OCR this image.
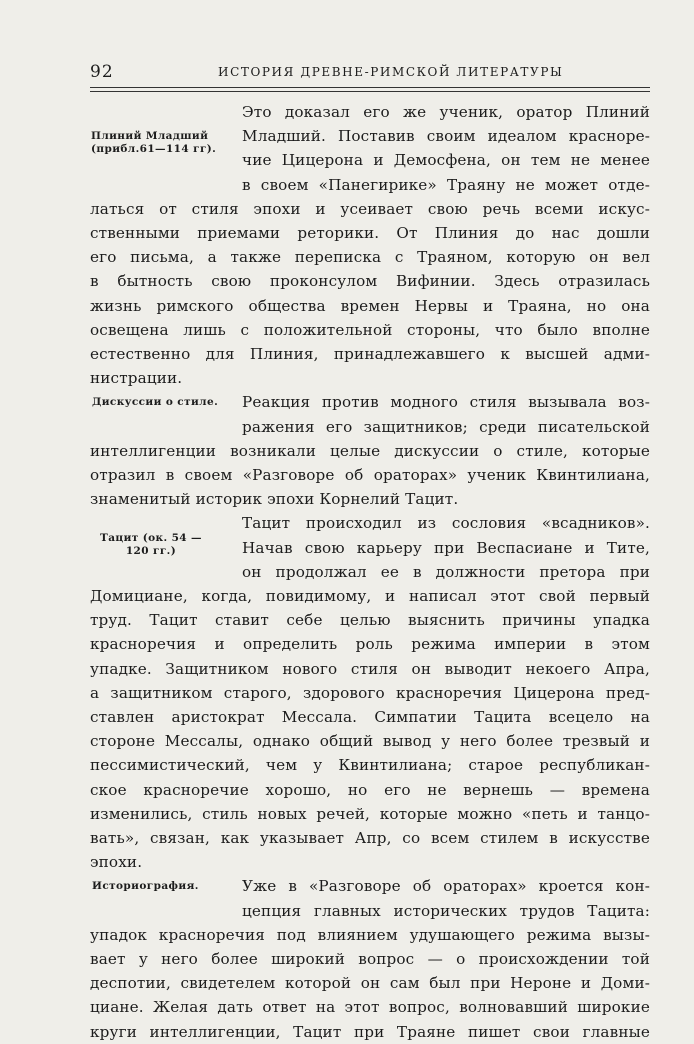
92	ИСТОРИЯ ДРЕВНЕ-РИМСКОЙ ЛИТЕРАТУРЫ
Плиний Младший
(прибл.61—114 гг).
Дискуссии о стиле.
Тацит (ок. 54 —
120 гг.)
Историография.
Это доказал его же ученик, оратор Плиний
Младший. Поставив своим идеалом красноре-
чие Цицерона и Демосфена, он тем не менее
в своем «Панегирике» Траяну не может отде-
латься от стиля эпохи и усеивает свою речь всеми искус-
ственными приемами реторики. От Плиния до нас дошли
его письма, а также переписка с Траяном, которую он вел
в бытность свою проконсулом Вифинии. Здесь отразилась
жизнь римского общества времен Нервы и Траяна, но она
освещена лишь с положительной стороны, что было вполне
естественно для Плиния, принадлежавшего к высшей адми-
нистрации.
Реакция против модного стиля вызывала воз-
ражения его защитников; среди писательской
интеллигенции возникали целые дискуссии о стиле, которые
отразил в своем «Разговоре об ораторах» ученик Квинтилиана,
знаменитый историк эпохи Корнелий Тацит.
Тацит происходил из сословия «всадников».
Начав свою карьеру при Веспасиане и Тите,
он продолжал ее в должности претора при
Домициане, когда, повидимому, и написал этот свой первый
труд. Тацит ставит себе целью выяснить причины упадка
красноречия и определить роль режима империи в этом
упадке. Защитником нового стиля он выводит некоего Апра,
а защитником старого, здорового красноречия Цицерона пред-
ставлен аристократ Мессала. Симпатии Тацита всецело на
стороне Мессалы, однако общий вывод у него более трезвый и
пессимистический, чем у Квинтилиана; старое республикан-
ское красноречие хорошо, но его не вернешь — времена
изменились, стиль новых речей, которые можно «петь и танцо-
вать», связан, как указывает Апр, со всем стилем в искусстве
эпохи.
Уже в «Разговоре об ораторах» кроется кон-
цепция главных исторических трудов Тацита:
упадок красноречия под влиянием удушающего режима вызы-
вает у него более широкий вопрос — о происхождении той
деспотии, свидетелем которой он сам был при Нероне и Доми-
циане. Желая дать ответ на этот вопрос, волновавший широкие
круги интеллигенции, Тацит при Траяне пишет свои главные
